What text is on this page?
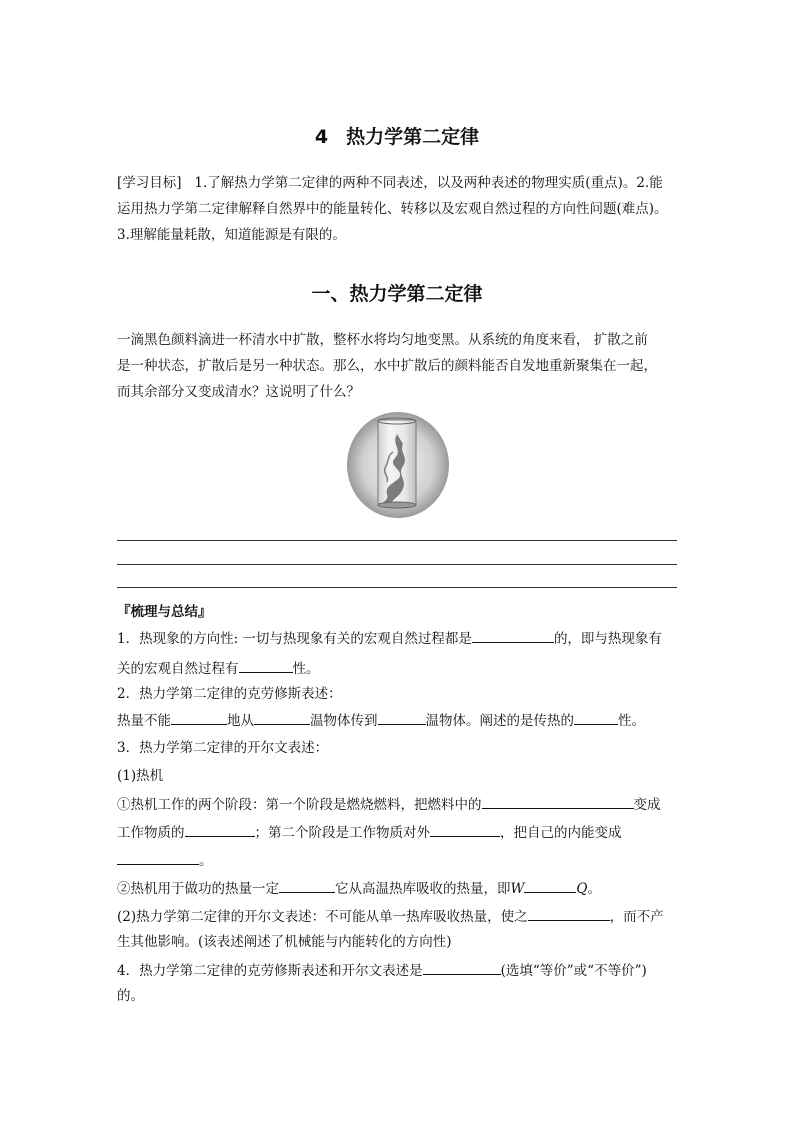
4 热力学第二定律

[学习目标] 1.了解热力学第二定律的两种不同表述，以及两种表述的物理实质(重点)。2.能

运用热力学第二定律解释自然界中的能量转化、转移以及宏观自然过程的方向性问题(难点)。

3.理解能量耗散，知道能源是有限的。

一、热力学第二定律

一滴黑色颜料滴进一杯清水中扩散，整杯水将均匀地变黑。从系统的角度来看， 扩散之前

是一种状态，扩散后是另一种状态。那么，水中扩散后的颜料能否自发地重新聚集在一起，

而其余部分又变成清水？这说明了什么？

『梳理与总结』
1．热现象的方向性: 一切与热现象有关的宏观自然过程都是	的，即与热现象有
关的宏观自然过程有	性。
2．热力学第二定律的克劳修斯表述：
热量不能	地从	温物体传到	温物体。阐述的是传热的	性。
3．热力学第二定律的开尔文表述：
(1)热机
①热机工作的两个阶段：第一个阶段是燃烧燃料，把燃料中的	变成
工作物质的	；第二个阶段是工作物质对外	，把自己的内能变成
。
②热机用于做功的热量一定	它从高温热库吸收的热量，即W	Q。
(2)热力学第二定律的开尔文表述：不可能从单一热库吸收热量，使之	，而不产
生其他影响。(该表述阐述了机械能与内能转化的方向性)
4．热力学第二定律的克劳修斯表述和开尔文表述是	(选填“等价”或“不等价”)
的。
